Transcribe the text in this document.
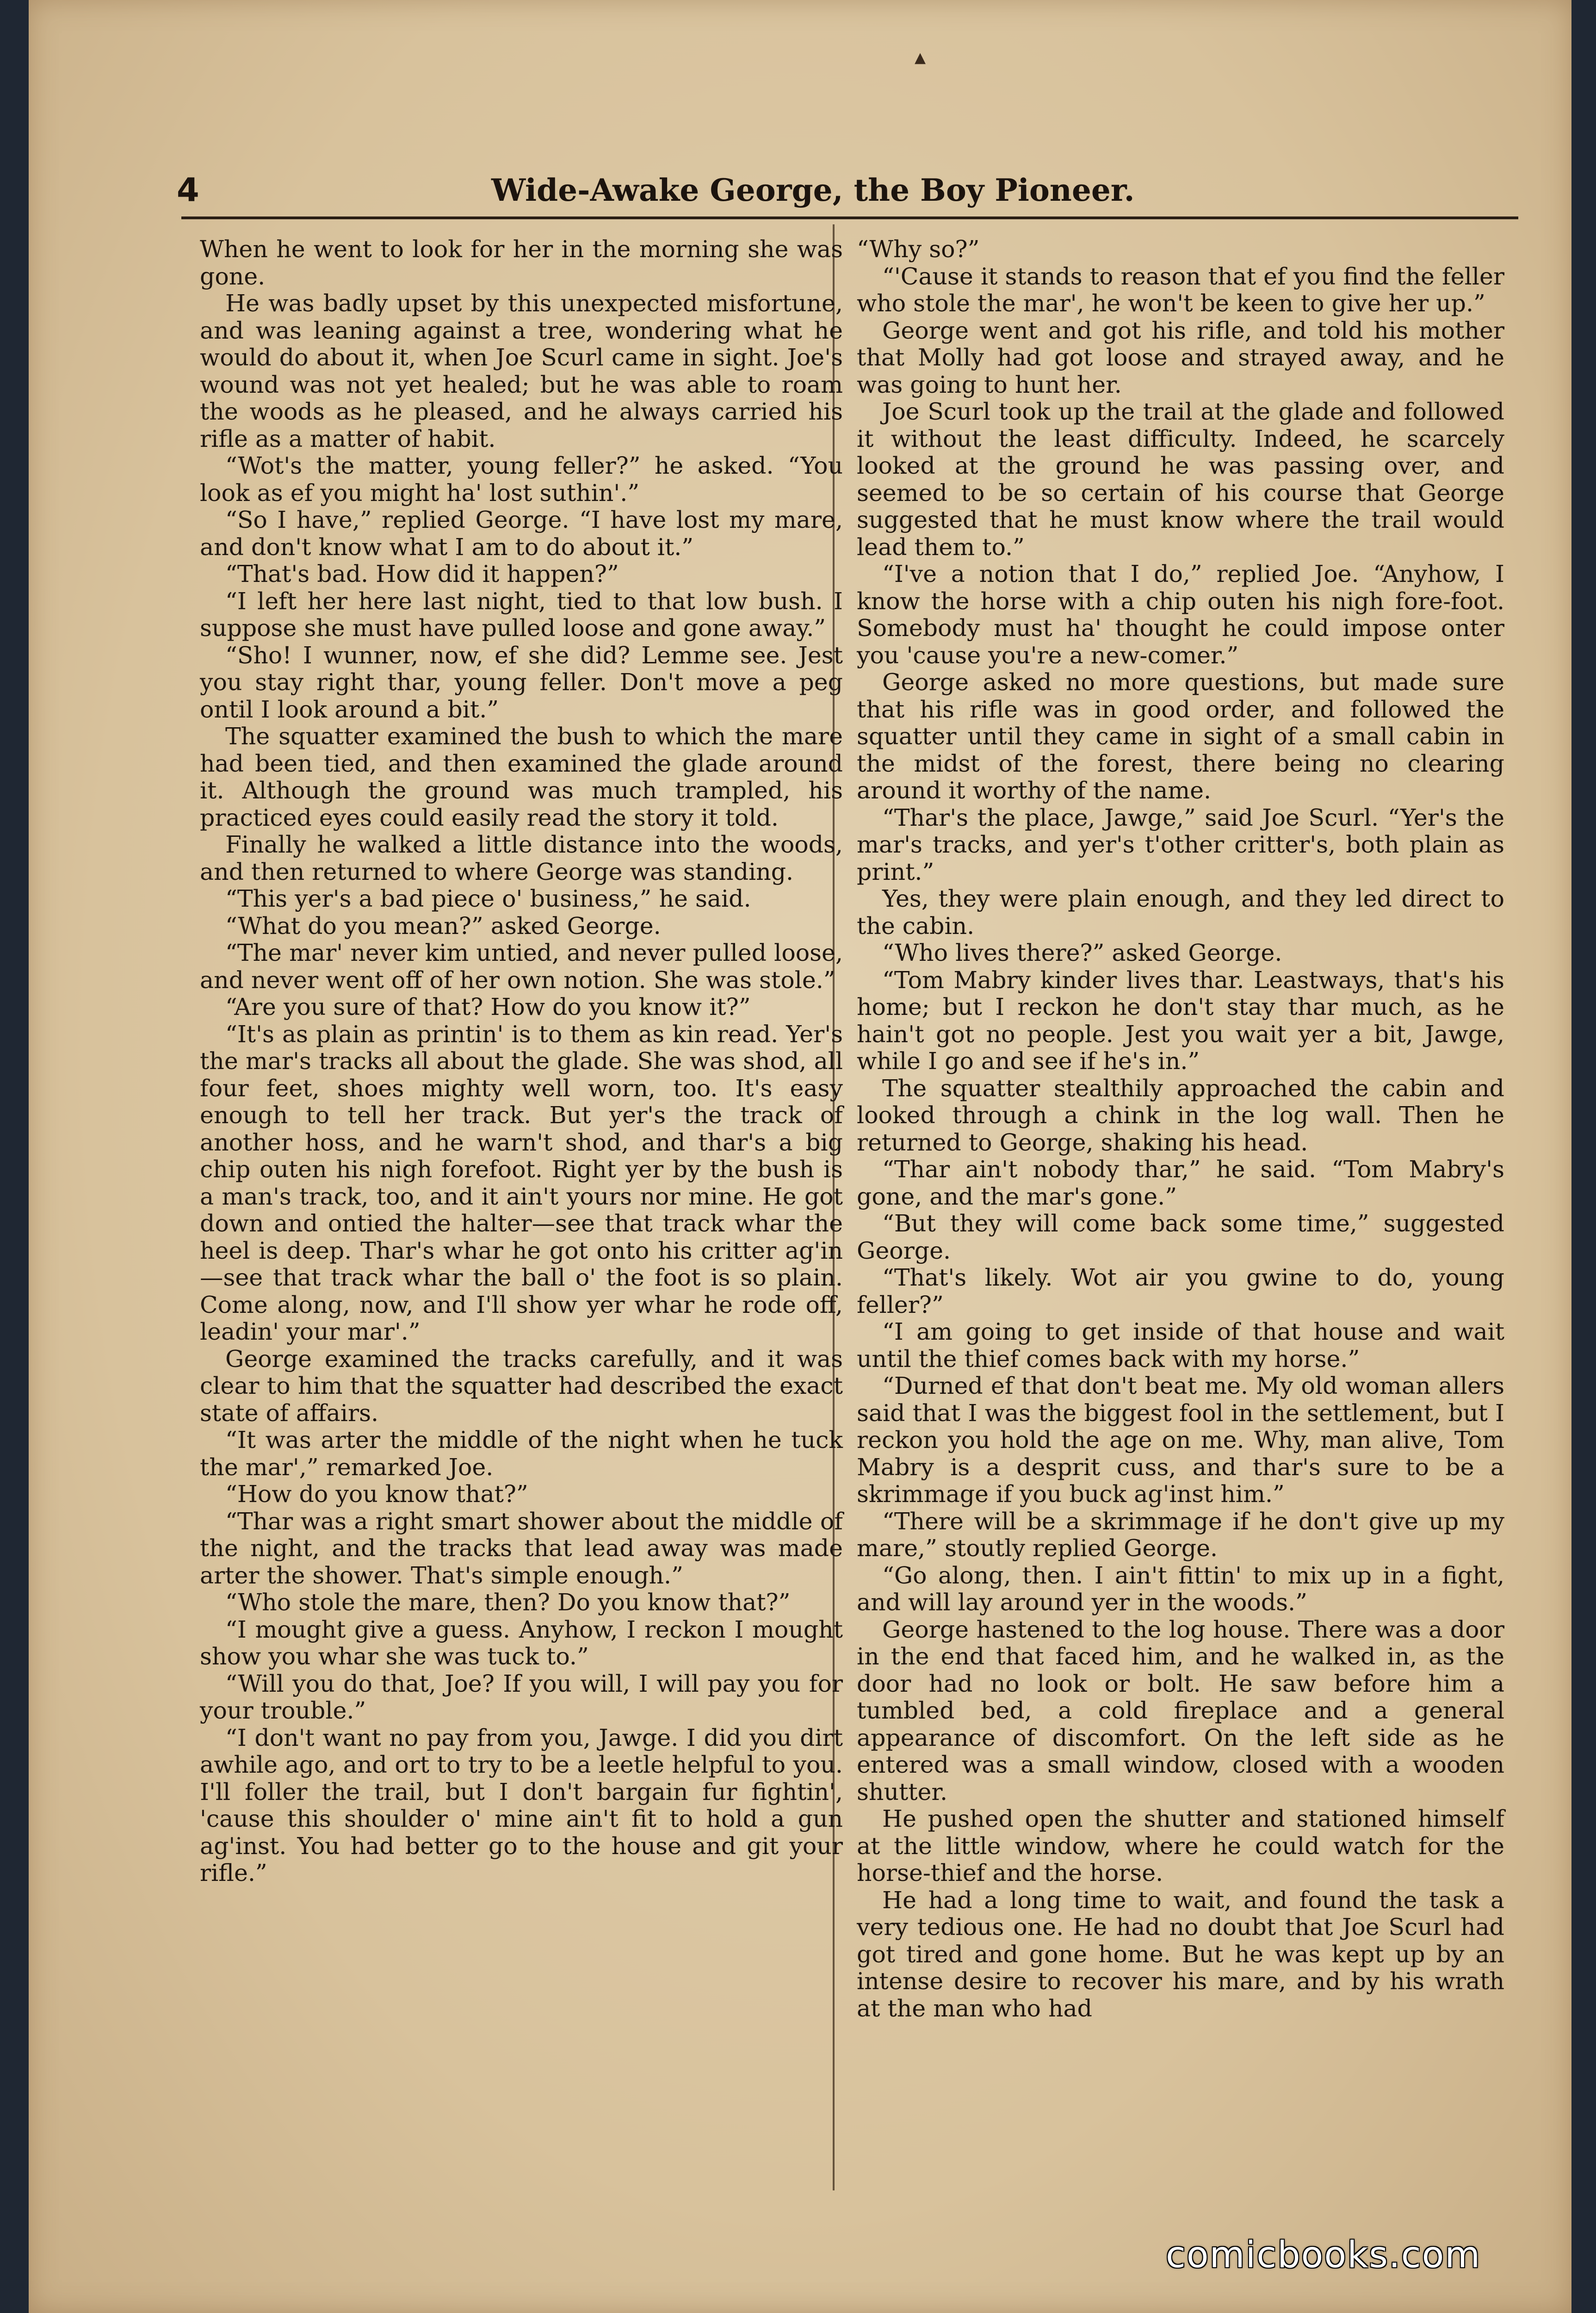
▴
4	Wide-Awake George, the Boy Pioneer.

When he went to look for her in the morning she was gone.

He was badly upset by this unexpected misfortune, and was leaning against a tree, wondering what he would do about it, when Joe Scurl came in sight. Joe's wound was not yet healed; but he was able to roam the woods as he pleased, and he always carried his rifle as a matter of habit.

“Wot's the matter, young feller?” he asked. “You look as ef you might ha' lost suthin'.”

“So I have,” replied George. “I have lost my mare, and don't know what I am to do about it.”

“That's bad. How did it happen?”

“I left her here last night, tied to that low bush. I suppose she must have pulled loose and gone away.”

“Sho! I wunner, now, ef she did? Lemme see. Jest you stay right thar, young feller. Don't move a peg ontil I look around a bit.”

The squatter examined the bush to which the mare had been tied, and then examined the glade around it. Although the ground was much trampled, his practiced eyes could easily read the story it told.

Finally he walked a little distance into the woods, and then returned to where George was standing.

“This yer's a bad piece o' business,” he said.

“What do you mean?” asked George.

“The mar' never kim untied, and never pulled loose, and never went off of her own notion. She was stole.”

“Are you sure of that? How do you know it?”

“It's as plain as printin' is to them as kin read. Yer's the mar's tracks all about the glade. She was shod, all four feet, shoes mighty well worn, too. It's easy enough to tell her track. But yer's the track of another hoss, and he warn't shod, and thar's a big chip outen his nigh forefoot. Right yer by the bush is a man's track, too, and it ain't yours nor mine. He got down and ontied the halter—see that track whar the heel is deep. Thar's whar he got onto his critter ag'in—see that track whar the ball o' the foot is so plain. Come along, now, and I'll show yer whar he rode off, leadin' your mar'.”

George examined the tracks carefully, and it was clear to him that the squatter had described the exact state of affairs.

“It was arter the middle of the night when he tuck the mar',” remarked Joe.

“How do you know that?”

“Thar was a right smart shower about the middle of the night, and the tracks that lead away was made arter the shower. That's simple enough.”

“Who stole the mare, then? Do you know that?”

“I mought give a guess. Anyhow, I reckon I mought show you whar she was tuck to.”

“Will you do that, Joe? If you will, I will pay you for your trouble.”

“I don't want no pay from you, Jawge. I did you dirt awhile ago, and ort to try to be a leetle helpful to you. I'll foller the trail, but I don't bargain fur fightin', 'cause this shoulder o' mine ain't fit to hold a gun ag'inst. You had better go to the house and git your rifle.”

“Why so?”

“'Cause it stands to reason that ef you find the feller who stole the mar', he won't be keen to give her up.”

George went and got his rifle, and told his mother that Molly had got loose and strayed away, and he was going to hunt her.

Joe Scurl took up the trail at the glade and followed it without the least difficulty. Indeed, he scarcely looked at the ground he was passing over, and seemed to be so certain of his course that George suggested that he must know where the trail would lead them to.”

“I've a notion that I do,” replied Joe. “Anyhow, I know the horse with a chip outen his nigh fore-foot. Somebody must ha' thought he could impose onter you 'cause you're a new-comer.”

George asked no more questions, but made sure that his rifle was in good order, and followed the squatter until they came in sight of a small cabin in the midst of the forest, there being no clearing around it worthy of the name.

“Thar's the place, Jawge,” said Joe Scurl. “Yer's the mar's tracks, and yer's t'other critter's, both plain as print.”

Yes, they were plain enough, and they led direct to the cabin.

“Who lives there?” asked George.

“Tom Mabry kinder lives thar. Leastways, that's his home; but I reckon he don't stay thar much, as he hain't got no people. Jest you wait yer a bit, Jawge, while I go and see if he's in.”

The squatter stealthily approached the cabin and looked through a chink in the log wall. Then he returned to George, shaking his head.

“Thar ain't nobody thar,” he said. “Tom Mabry's gone, and the mar's gone.”

“But they will come back some time,” suggested George.

“That's likely. Wot air you gwine to do, young feller?”

“I am going to get inside of that house and wait until the thief comes back with my horse.”

“Durned ef that don't beat me. My old woman allers said that I was the biggest fool in the settlement, but I reckon you hold the age on me. Why, man alive, Tom Mabry is a desprit cuss, and thar's sure to be a skrimmage if you buck ag'inst him.”

“There will be a skrimmage if he don't give up my mare,” stoutly replied George.

“Go along, then. I ain't fittin' to mix up in a fight, and will lay around yer in the woods.”

George hastened to the log house. There was a door in the end that faced him, and he walked in, as the door had no look or bolt. He saw before him a tumbled bed, a cold fireplace and a general appearance of discomfort. On the left side as he entered was a small window, closed with a wooden shutter.

He pushed open the shutter and stationed himself at the little window, where he could watch for the horse-thief and the horse.

He had a long time to wait, and found the task a very tedious one. He had no doubt that Joe Scurl had got tired and gone home. But he was kept up by an intense desire to recover his mare, and by his wrath at the man who had

comicbooks.com
